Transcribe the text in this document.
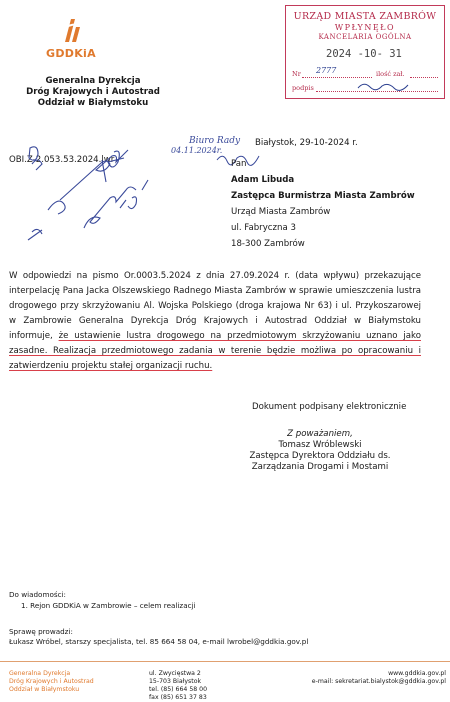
GDDKiA
Generalna Dyrekcja
Dróg Krajowych i Autostrad
Oddział w Białymstoku
URZĄD MIASTA ZAMBRÓW
WPŁYNĘŁO
KANCELARIA OGÓLNA
2024 -10- 31
Nr 2777	ilość zał.
podpis
Białystok, 29-10-2024 r.
OBI.Z-2.053.53.2024.lwr
Biuro Rady
04.11.2024r.
Pan
Adam Libuda
Zastępca Burmistrza Miasta Zambrów
Urząd Miasta Zambrów
ul. Fabryczna 3
18-300 Zambrów
W odpowiedzi na pismo Or.0003.5.2024 z dnia 27.09.2024 r. (data wpływu) przekazujące interpelację Pana Jacka Olszewskiego Radnego Miasta Zambrów w sprawie umieszczenia lustra drogowego przy skrzyżowaniu Al. Wojska Polskiego (droga krajowa Nr 63) i ul. Przykoszarowej w Zambrowie Generalna Dyrekcja Dróg Krajowych i Autostrad Oddział w Białymstoku informuje, że ustawienie lustra drogowego na przedmiotowym skrzyżowaniu uznano jako zasadne. Realizacja przedmiotowego zadania w terenie będzie możliwa po opracowaniu i zatwierdzeniu projektu stałej organizacji ruchu.
Dokument podpisany elektronicznie
Z poważaniem,
Tomasz Wróblewski
Zastępca Dyrektora Oddziału ds.
Zarządzania Drogami i Mostami
Do wiadomości:
1. Rejon GDDKiA w Zambrowie – celem realizacji
Sprawę prowadzi:
Łukasz Wróbel, starszy specjalista, tel. 85 664 58 04, e-mail lwrobel@gddkia.gov.pl
Generalna Dyrekcja
Dróg Krajowych i Autostrad
Oddział w Białymstoku
ul. Zwycięstwa 2
15-703 Białystok
tel. (85) 664 58 00
fax (85) 651 37 83
www.gddkia.gov.pl
e-mail: sekretariat.bialystok@gddkia.gov.pl
